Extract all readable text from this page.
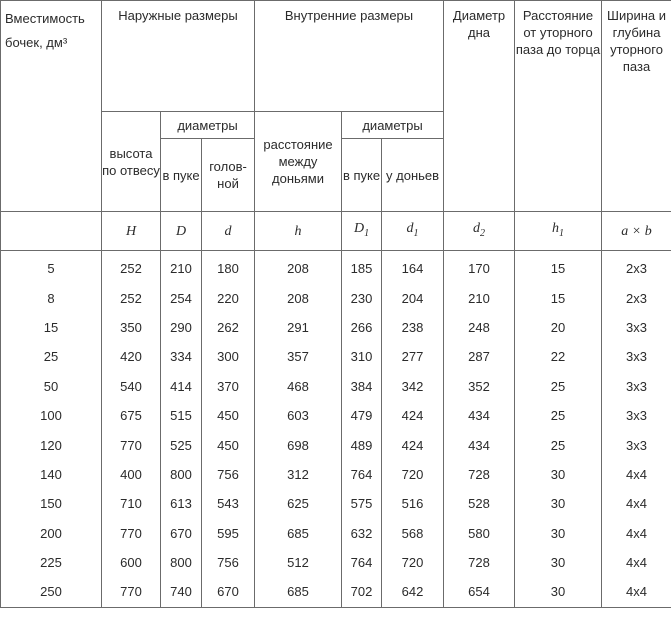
Вместимость бочек, дм³	Наружные размеры			Внутренние размеры			Диаметр дна	Расстояние от уторного паза до торца	Ширина и глубина уторного паза
	высота по отвесу	диаметры		расстояние между доньями	диаметры				
		в пуке	голов-ной		в пуке	у доньев			
	H	D	d	h	$D_1$	$d_1$	$d_2$	$h_1$	a × b
5	252	210	180	208	185	164	170	15	2x3
8	252	254	220	208	230	204	210	15	2x3
15	350	290	262	291	266	238	248	20	3x3
25	420	334	300	357	310	277	287	22	3x3
50	540	414	370	468	384	342	352	25	3x3
100	675	515	450	603	479	424	434	25	3x3
120	770	525	450	698	489	424	434	25	3x3
140	400	800	756	312	764	720	728	30	4x4
150	710	613	543	625	575	516	528	30	4x4
200	770	670	595	685	632	568	580	30	4x4
225	600	800	756	512	764	720	728	30	4x4
250	770	740	670	685	702	642	654	30	4x4
